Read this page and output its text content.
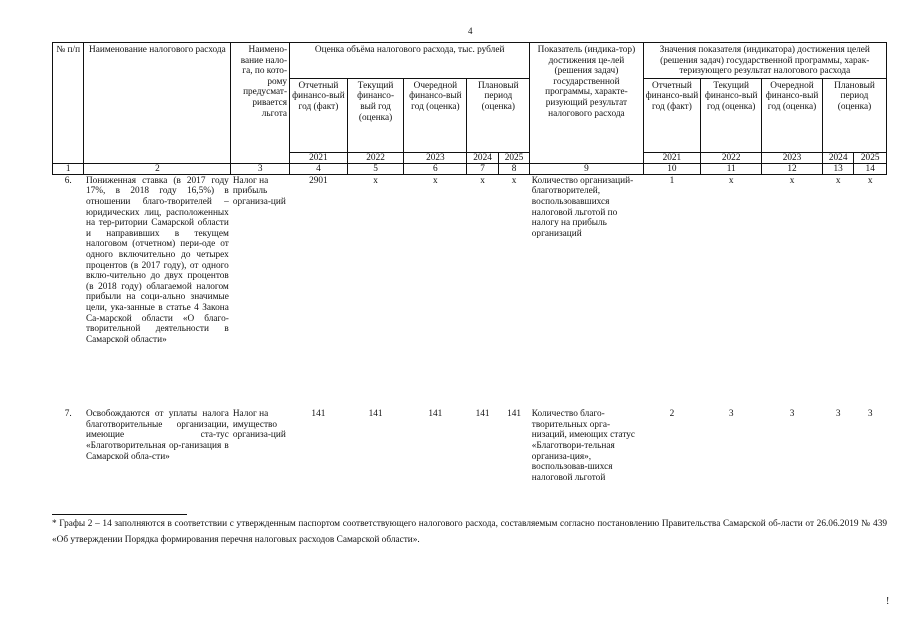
4
№ п/п	Наименование налогового расхода	Наимено-вание нало-га, по кото-рому предусмат-ривается льгота	Оценка объёма налогового расхода, тыс. рублей					Показатель (индика-тор) достижения це-лей (решения задач) государственной программы, характе-ризующий результат налогового расхода	Значения показателя (индикатора) достижения целей (решения задач) государственной программы, харак-теризующего результат налогового расхода				
			Отчетный финансо-вый год (факт)	Текущий финансо-вый год (оценка)	Очередной финансо-вый год (оценка)	Плановый период (оценка)			Отчетный финансо-вый год (факт)	Текущий финансо-вый год (оценка)	Очередной финансо-вый год (оценка)	Плановый период (оценка)	
			2021	2022	2023	2024	2025		2021	2022	2023	2024	2025
1	2	3	4	5	6	7	8	9	10	11	12	13	14
6.	Пониженная ставка (в 2017 году 17%, в 2018 году 16,5%) в отношении благо-творителей – юридических лиц, расположенных на тер-ритории Самарской области и направивших в текущем налоговом (отчетном) пери-оде от одного включительно до четырех процентов (в 2017 году), от одного вклю-чительно до двух процентов (в 2018 году) облагаемой налогом прибыли на соци-ально значимые цели, ука-занные в статье 4 Закона Са-марской области «О благо-творительной деятельности в Самарской области»	Налог на прибыль организа-ций	2901	x	x	x	x	Количество организаций-благотворителей, воспользовавшихся налоговой льготой по налогу на прибыль организаций	1	x	x	x	x
7.	Освобождаются от уплаты налога благотворительные организации, имеющие ста-тус «Благотворительная ор-ганизация в Самарской обла-сти»	Налог на имущество организа-ций	141	141	141	141	141	Количество благо-творительных орга-низаций, имеющих статус «Благотвори-тельная организа-ция», воспользовав-шихся налоговой льготой	2	3	3	3	3
* Графы 2 – 14 заполняются в соответствии с утвержденным паспортом соответствующего налогового расхода, составляемым согласно постановлению Правительства Самарской об-ласти от 26.06.2019 № 439 «Об утверждении Порядка формирования перечня налоговых расходов Самарской области».
!
